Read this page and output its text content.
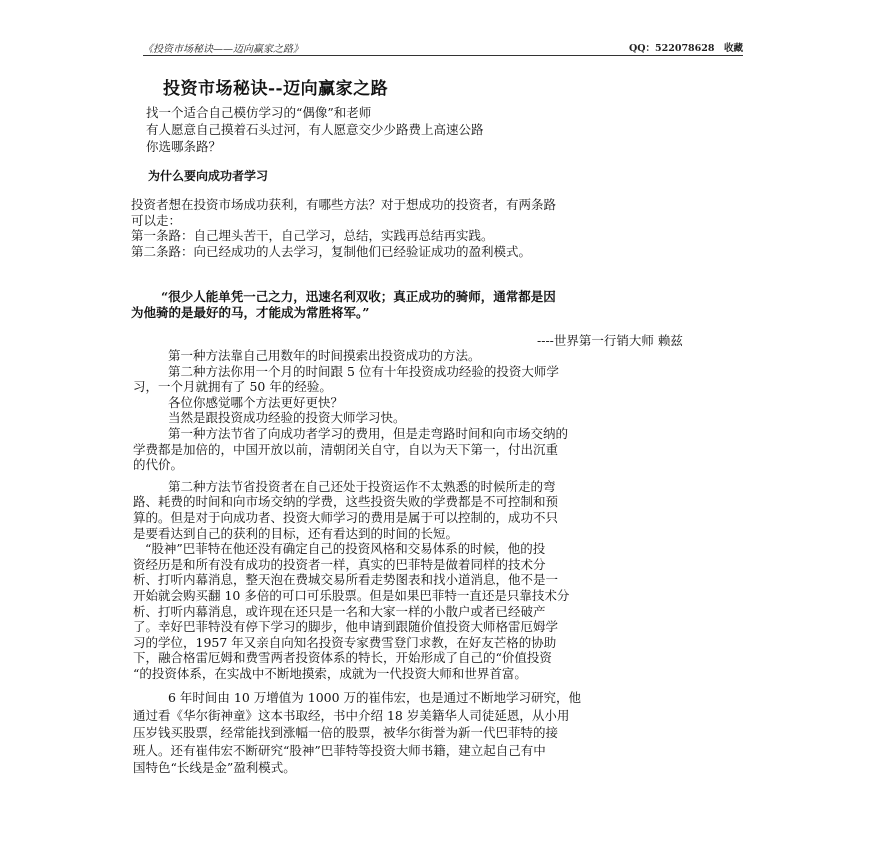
《投资市场秘诀——迈向赢家之路》	QQ：522078628　收藏
投资市场秘诀--迈向赢家之路
找一个适合自己模仿学习的“偶像”和老师
有人愿意自己摸着石头过河，有人愿意交少少路费上高速公路
你选哪条路？
为什么要向成功者学习
投资者想在投资市场成功获利，有哪些方法？对于想成功的投资者，有两条路
可以走：
第一条路：自己埋头苦干，自己学习，总结，实践再总结再实践。
第二条路：向已经成功的人去学习，复制他们已经验证成功的盈利模式。
“很少人能单凭一己之力，迅速名利双收；真正成功的骑师，通常都是因
为他骑的是最好的马，才能成为常胜将军。”
----世界第一行销大师 赖兹
第一种方法靠自己用数年的时间摸索出投资成功的方法。
第二种方法你用一个月的时间跟 5 位有十年投资成功经验的投资大师学
习，一个月就拥有了 50 年的经验。
各位你感觉哪个方法更好更快？
当然是跟投资成功经验的投资大师学习快。
第一种方法节省了向成功者学习的费用，但是走弯路时间和向市场交纳的
学费都是加倍的，中国开放以前，清朝闭关自守，自以为天下第一，付出沉重
的代价。
第二种方法节省投资者在自己还处于投资运作不太熟悉的时候所走的弯
路、耗费的时间和向市场交纳的学费，这些投资失败的学费都是不可控制和预
算的。但是对于向成功者、投资大师学习的费用是属于可以控制的，成功不只
是要看达到自己的获利的目标，还有看达到的时间的长短。
“股神”巴菲特在他还没有确定自己的投资风格和交易体系的时候，他的投
资经历是和所有没有成功的投资者一样，真实的巴菲特是做着同样的技术分
析、打听内幕消息，整天泡在费城交易所看走势图表和找小道消息，他不是一
开始就会购买翻 10 多倍的可口可乐股票。但是如果巴菲特一直还是只靠技术分
析、打听内幕消息，或许现在还只是一名和大家一样的小散户或者已经破产
了。幸好巴菲特没有停下学习的脚步，他申请到跟随价值投资大师格雷厄姆学
习的学位，1957 年又亲自向知名投资专家费雪登门求教，在好友芒格的协助
下，融合格雷厄姆和费雪两者投资体系的特长，开始形成了自己的“价值投资
“的投资体系，在实战中不断地摸索，成就为一代投资大师和世界首富。
6 年时间由 10 万增值为 1000 万的崔伟宏，也是通过不断地学习研究，他
通过看《华尔街神童》这本书取经，书中介绍 18 岁美籍华人司徒延恩，从小用
压岁钱买股票，经常能找到涨幅一倍的股票，被华尔街誉为新一代巴菲特的接
班人。还有崔伟宏不断研究“股神”巴菲特等投资大师书籍，建立起自己有中
国特色“长线是金”盈利模式。
